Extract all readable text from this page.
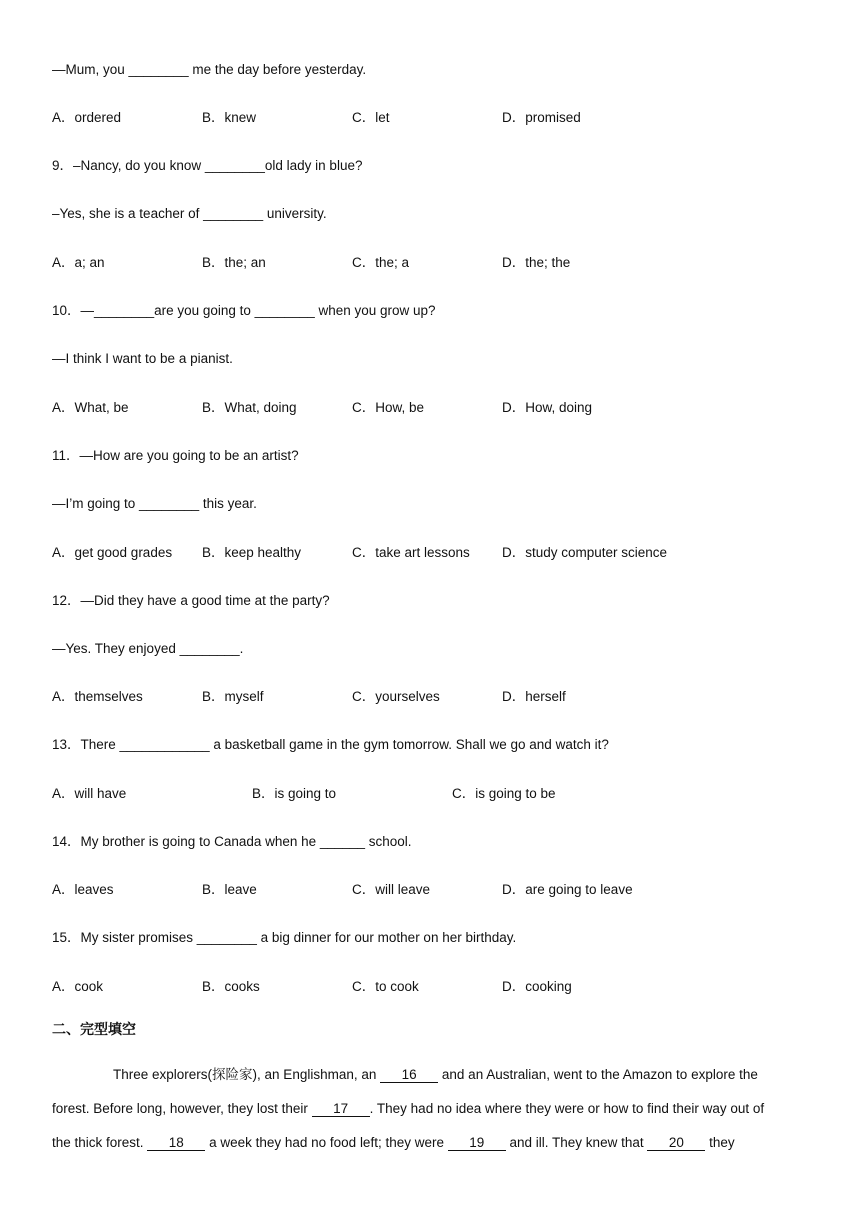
—Mum, you ________ me the day before yesterday.
A．ordered	B．knew	C．let	D．promised
9．–Nancy, do you know ________old lady in blue?
–Yes, she is a teacher of ________ university.
A．a; an	B．the; an	C．the; a	D．the; the
10．—________are you going to ________ when you grow up?
—I think I want to be a pianist.
A．What, be	B．What, doing	C．How, be	D．How, doing
11．—How are you going to be an artist?
—I’m going to ________ this year.
A．get good grades B．keep healthy	C．take art lessons D．study computer science
12．—Did they have a good time at the party?
—Yes. They enjoyed ________.
A．themselves	B．myself	C．yourselves	D．herself
13．There ____________ a basketball game in the gym tomorrow. Shall we go and watch it?
A．will have	B．is going to	C．is going to be
14．My brother is going to Canada when he ______ school.
A．leaves	B．leave	C．will leave	D．are going to leave
15．My sister promises ________ a big dinner for our mother on her birthday.
A．cook	B．cooks	C．to cook	D．cooking
二、完型填空
Three explorers(探险家), an Englishman, an 16 and an Australian, went to the Amazon to explore the
forest. Before long, however, they lost their 17 . They had no idea where they were or how to find their way out of
the thick forest. 18 a week they had no food left; they were 19 and ill. They knew that 20 they
